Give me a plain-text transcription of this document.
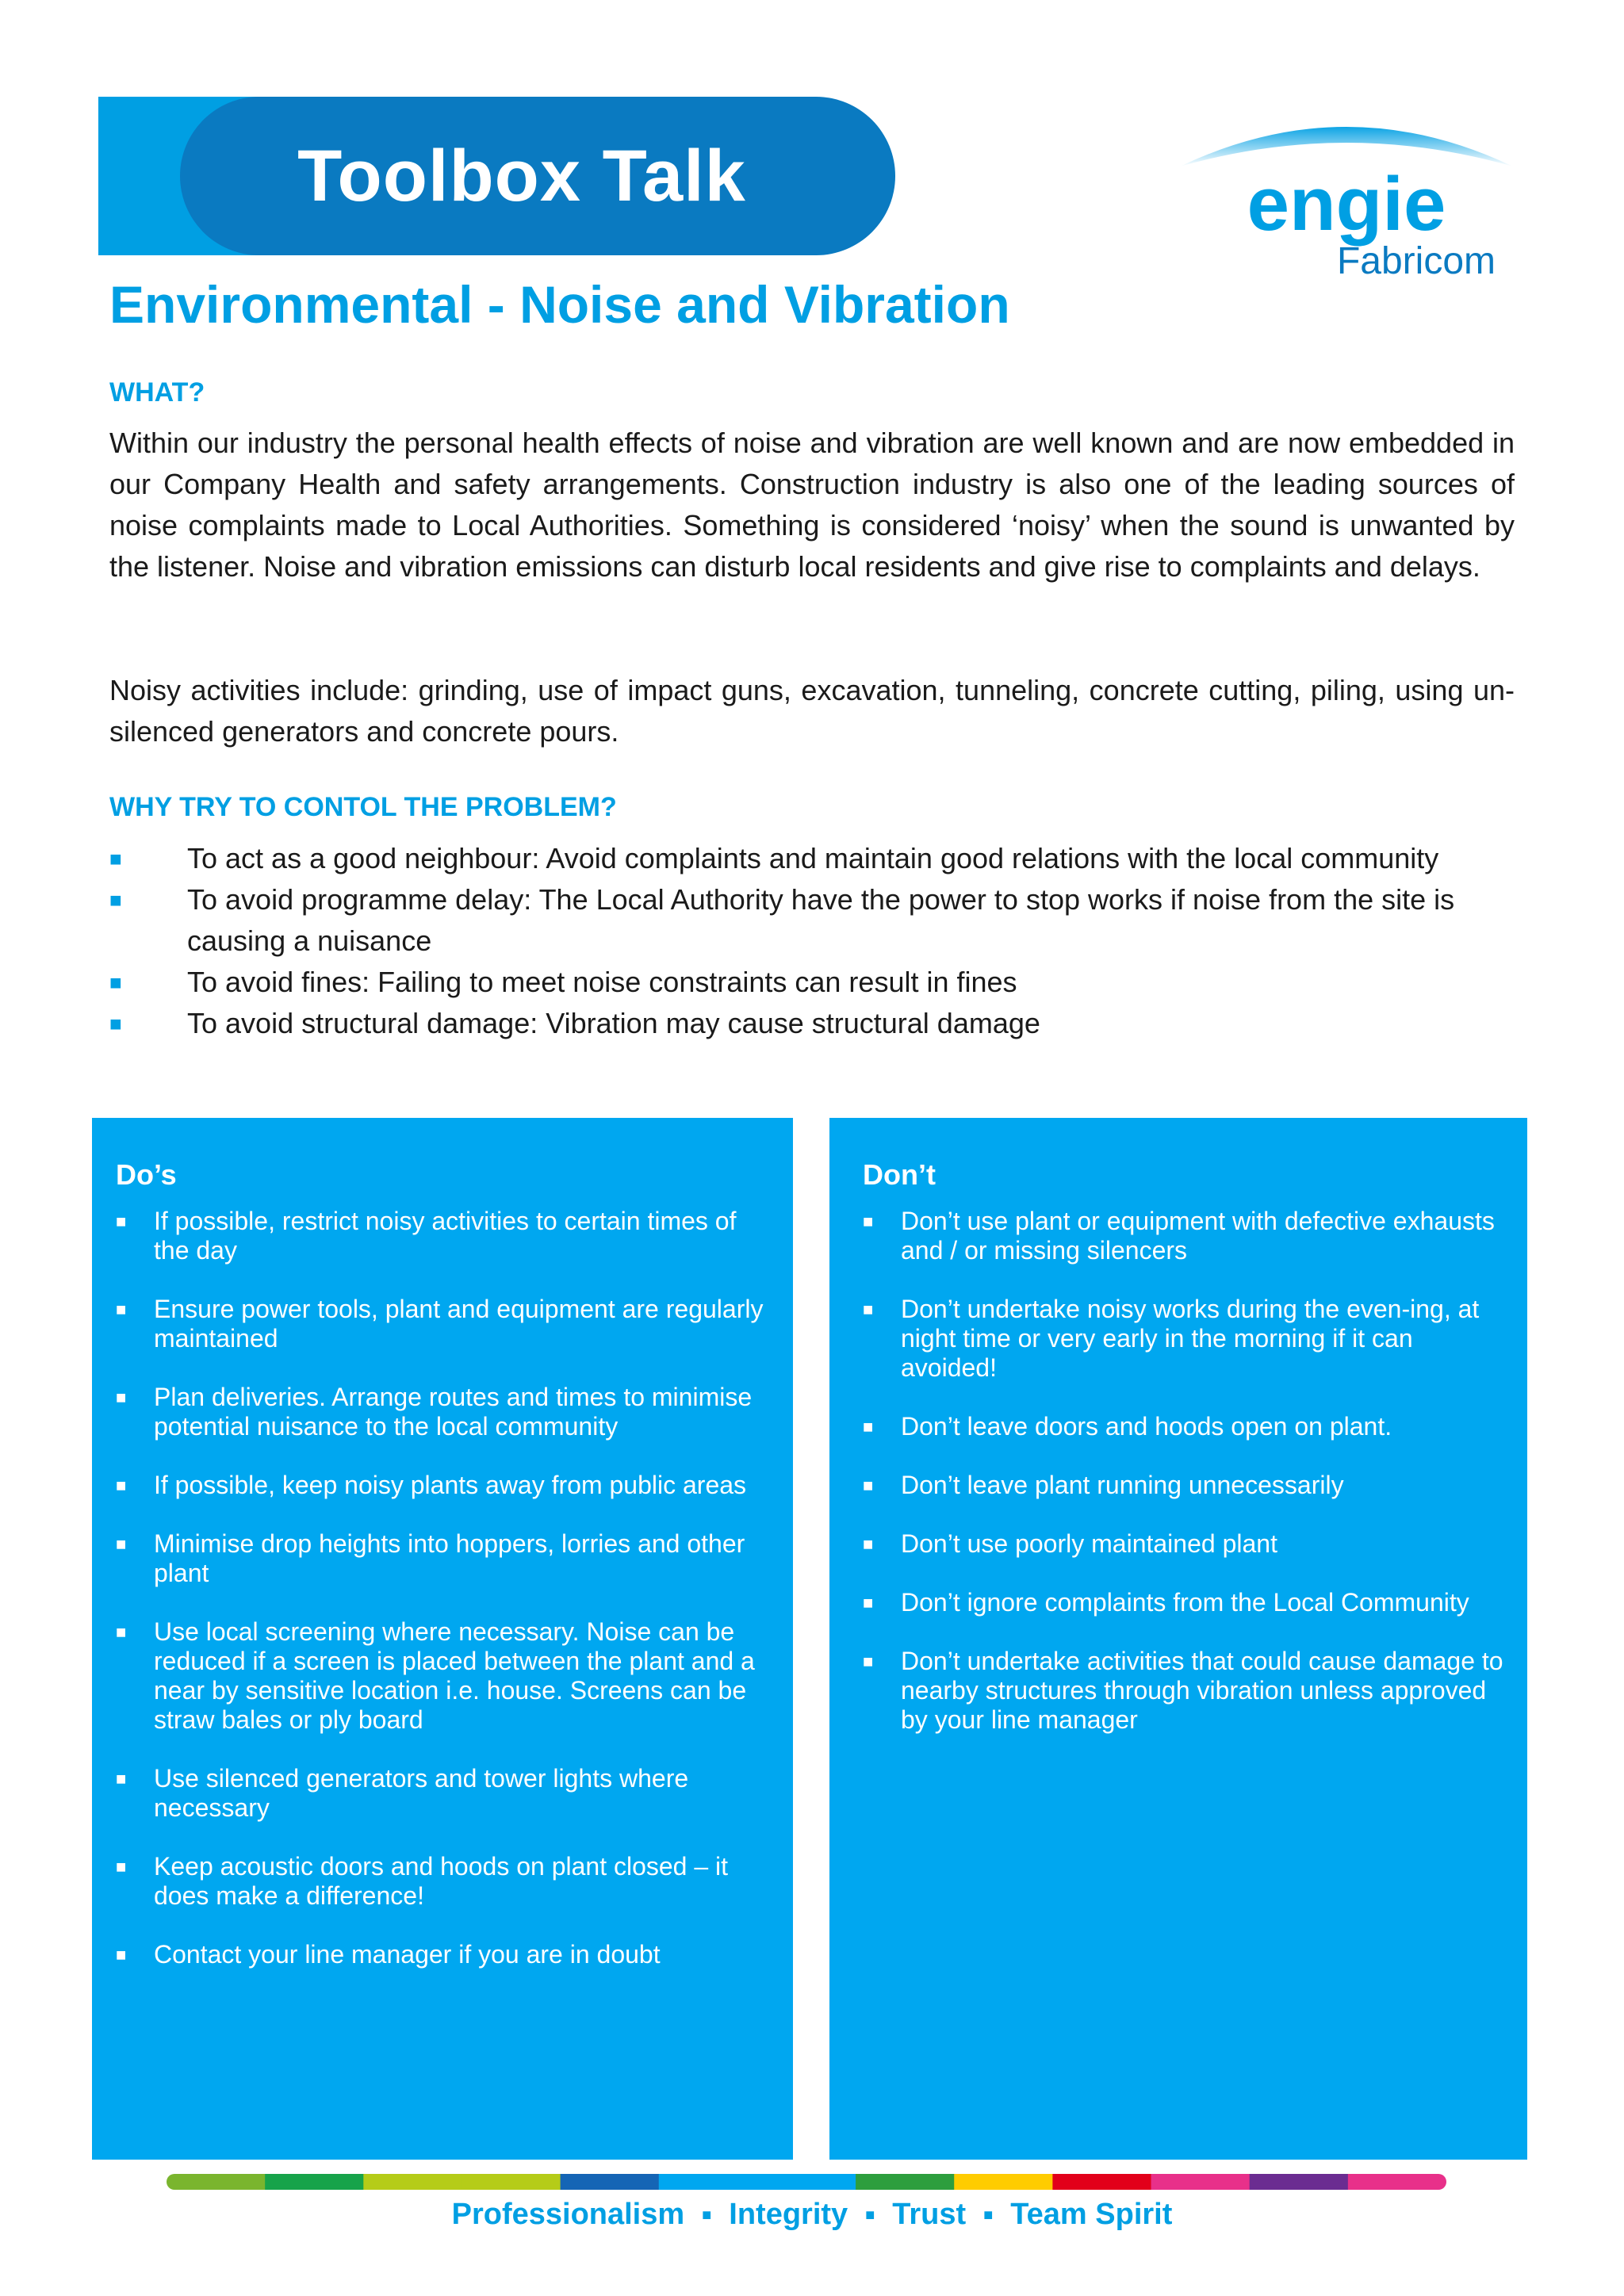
Toolbox Talk	engie
Fabricom
Environmental - Noise and Vibration
WHAT?
Within our industry the personal health effects of noise and vibration are well known and are now embedded in our Company Health and safety arrangements. Construction industry is also one of the leading sources of noise complaints made to Local Authorities. Something is considered ‘noisy’ when the sound is unwanted by the listener. Noise and vibration emissions can disturb local residents and give rise to complaints and delays.
Noisy activities include: grinding, use of impact guns, excavation, tunneling, concrete cutting, piling, using un-silenced generators and concrete pours.
WHY TRY TO CONTOL THE PROBLEM?
■ To act as a good neighbour: Avoid complaints and maintain good relations with the local community
■ To avoid programme delay: The Local Authority have the power to stop works if noise from the site is causing a nuisance
■ To avoid fines: Failing to meet noise constraints can result in fines
■ To avoid structural damage: Vibration may cause structural damage
Do’s
■ If possible, restrict noisy activities to certain times of the day
■ Ensure power tools, plant and equipment are regularly maintained
■ Plan deliveries. Arrange routes and times to minimise potential nuisance to the local community
■ If possible, keep noisy plants away from public areas
■ Minimise drop heights into hoppers, lorries and other plant
■ Use local screening where necessary. Noise can be reduced if a screen is placed between the plant and a near by sensitive location i.e. house. Screens can be straw bales or ply board
■ Use silenced generators and tower lights where necessary
■ Keep acoustic doors and hoods on plant closed – it does make a difference!
■ Contact your line manager if you are in doubt
Don’t
■ Don’t use plant or equipment with defective exhausts and / or missing silencers
■ Don’t undertake noisy works during the even-ing, at night time or very early in the morning if it can avoided!
■ Don’t leave doors and hoods open on plant.
■ Don’t leave plant running unnecessarily
■ Don’t use poorly maintained plant
■ Don’t ignore complaints from the Local Community
■ Don’t undertake activities that could cause damage to nearby structures through vibration unless approved by your line manager
Professionalism ■ Integrity ■ Trust ■ Team Spirit
